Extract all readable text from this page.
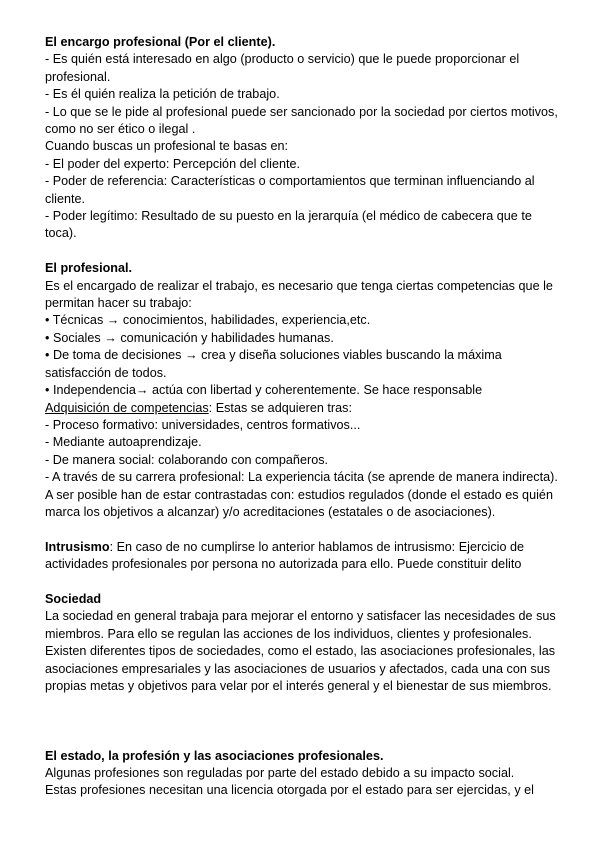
El encargo profesional (Por el cliente).

- Es quién está interesado en algo (producto o servicio) que le puede proporcionar el profesional.

- Es él quién realiza la petición de trabajo.

- Lo que se le pide al profesional puede ser sancionado por la sociedad por ciertos motivos, como no ser ético o ilegal .

Cuando buscas un profesional te basas en:

- El poder del experto: Percepción del cliente.

- Poder de referencia: Características o comportamientos que terminan influenciando al cliente.

- Poder legítimo: Resultado de su puesto en la jerarquía (el médico de cabecera que te toca).

El profesional.

Es el encargado de realizar el trabajo, es necesario que tenga ciertas competencias que le permitan hacer su trabajo:

• Técnicas → conocimientos, habilidades, experiencia,etc.

• Sociales → comunicación y habilidades humanas.

• De toma de decisiones → crea y diseña soluciones viables buscando la máxima satisfacción de todos.

• Independencia→ actúa con libertad y coherentemente. Se hace responsable

Adquisición de competencias: Estas se adquieren tras:

- Proceso formativo: universidades, centros formativos...

- Mediante autoaprendizaje.

- De manera social: colaborando con compañeros.

- A través de su carrera profesional: La experiencia tácita (se aprende de manera indirecta).

A ser posible han de estar contrastadas con: estudios regulados (donde el estado es quién marca los objetivos a alcanzar) y/o acreditaciones (estatales o de asociaciones).

Intrusismo: En caso de no cumplirse lo anterior hablamos de intrusismo: Ejercicio de actividades profesionales por persona no autorizada para ello. Puede constituir delito

Sociedad

La sociedad en general trabaja para mejorar el entorno y satisfacer las necesidades de sus miembros. Para ello se regulan las acciones de los individuos, clientes y profesionales.

Existen diferentes tipos de sociedades, como el estado, las asociaciones profesionales, las asociaciones empresariales y las asociaciones de usuarios y afectados, cada una con sus propias metas y objetivos para velar por el interés general y el bienestar de sus miembros.

El estado, la profesión y las asociaciones profesionales.

Algunas profesiones son reguladas por parte del estado debido a su impacto social.

Estas profesiones necesitan una licencia otorgada por el estado para ser ejercidas, y el
